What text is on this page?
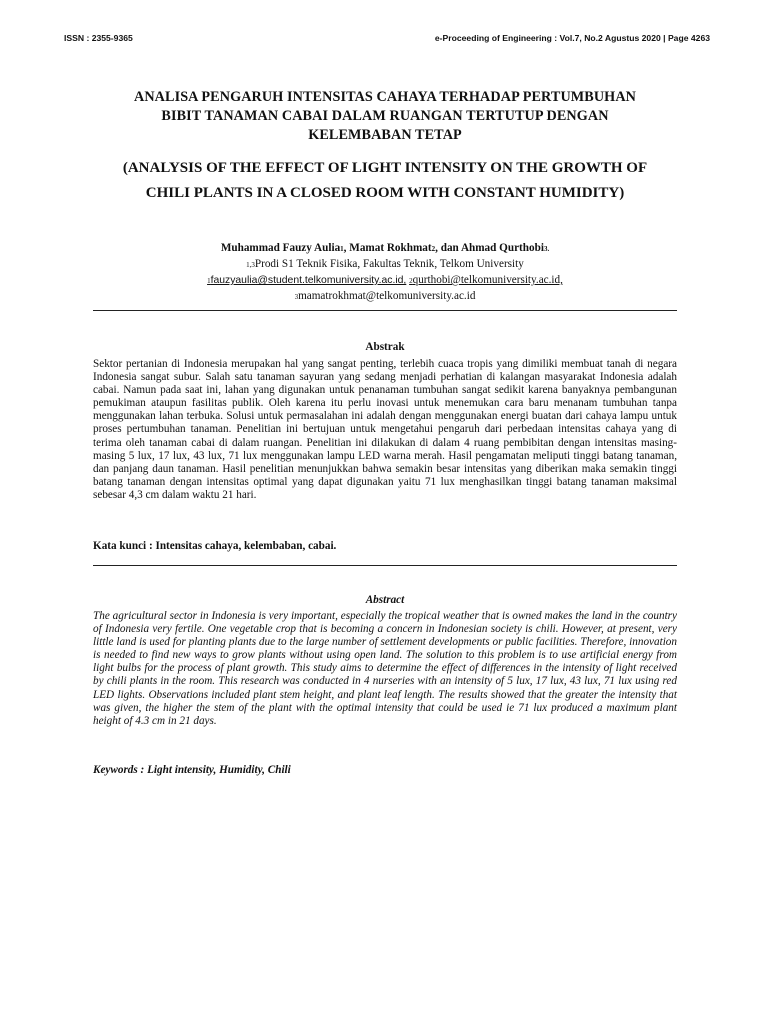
ISSN : 2355-9365	e-Proceeding of Engineering : Vol.7, No.2 Agustus 2020 | Page 4263
ANALISA PENGARUH INTENSITAS CAHAYA TERHADAP PERTUMBUHAN
BIBIT TANAMAN CABAI DALAM RUANGAN TERTUTUP DENGAN
KELEMBABAN TETAP
(ANALYSIS OF THE EFFECT OF LIGHT INTENSITY ON THE GROWTH OF
CHILI PLANTS IN A CLOSED ROOM WITH CONSTANT HUMIDITY)
Muhammad Fauzy Aulia1, Mamat Rokhmat2, dan Ahmad Qurthobi3.
1,3Prodi S1 Teknik Fisika, Fakultas Teknik, Telkom University
1fauzyaulia@student.telkomuniversity.ac.id, 2qurthobi@telkomuniversity.ac.id,
3mamatrokhmat@telkomuniversity.ac.id
Abstrak

Sektor pertanian di Indonesia merupakan hal yang sangat penting, terlebih cuaca tropis yang dimiliki membuat tanah di negara Indonesia sangat subur. Salah satu tanaman sayuran yang sedang menjadi perhatian di kalangan masyarakat Indonesia adalah cabai. Namun pada saat ini, lahan yang digunakan untuk penanaman tumbuhan sangat sedikit karena banyaknya pembangunan pemukiman ataupun fasilitas publik. Oleh karena itu perlu inovasi untuk menemukan cara baru menanam tumbuhan tanpa menggunakan lahan terbuka. Solusi untuk permasalahan ini adalah dengan menggunakan energi buatan dari cahaya lampu untuk proses pertumbuhan tanaman. Penelitian ini bertujuan untuk mengetahui pengaruh dari perbedaan intensitas cahaya yang di terima oleh tanaman cabai di dalam ruangan. Penelitian ini dilakukan di dalam 4 ruang pembibitan dengan intensitas masing-masing 5 lux, 17 lux, 43 lux, 71 lux menggunakan lampu LED warna merah. Hasil pengamatan meliputi tinggi batang tanaman, dan panjang daun tanaman. Hasil penelitian menunjukkan bahwa semakin besar intensitas yang diberikan maka semakin tinggi batang tanaman dengan intensitas optimal yang dapat digunakan yaitu 71 lux menghasilkan tinggi batang tanaman maksimal sebesar 4,3 cm dalam waktu 21 hari.

Kata kunci : Intensitas cahaya, kelembaban, cabai.
Abstract

The agricultural sector in Indonesia is very important, especially the tropical weather that is owned makes the land in the country of Indonesia very fertile. One vegetable crop that is becoming a concern in Indonesian society is chili. However, at present, very little land is used for planting plants due to the large number of settlement developments or public facilities. Therefore, innovation is needed to find new ways to grow plants without using open land. The solution to this problem is to use artificial energy from light bulbs for the process of plant growth. This study aims to determine the effect of differences in the intensity of light received by chili plants in the room. This research was conducted in 4 nurseries with an intensity of 5 lux, 17 lux, 43 lux, 71 lux using red LED lights. Observations included plant stem height, and plant leaf length. The results showed that the greater the intensity that was given, the higher the stem of the plant with the optimal intensity that could be used ie 71 lux produced a maximum plant height of 4.3 cm in 21 days.

Keywords : Light intensity, Humidity, Chili
